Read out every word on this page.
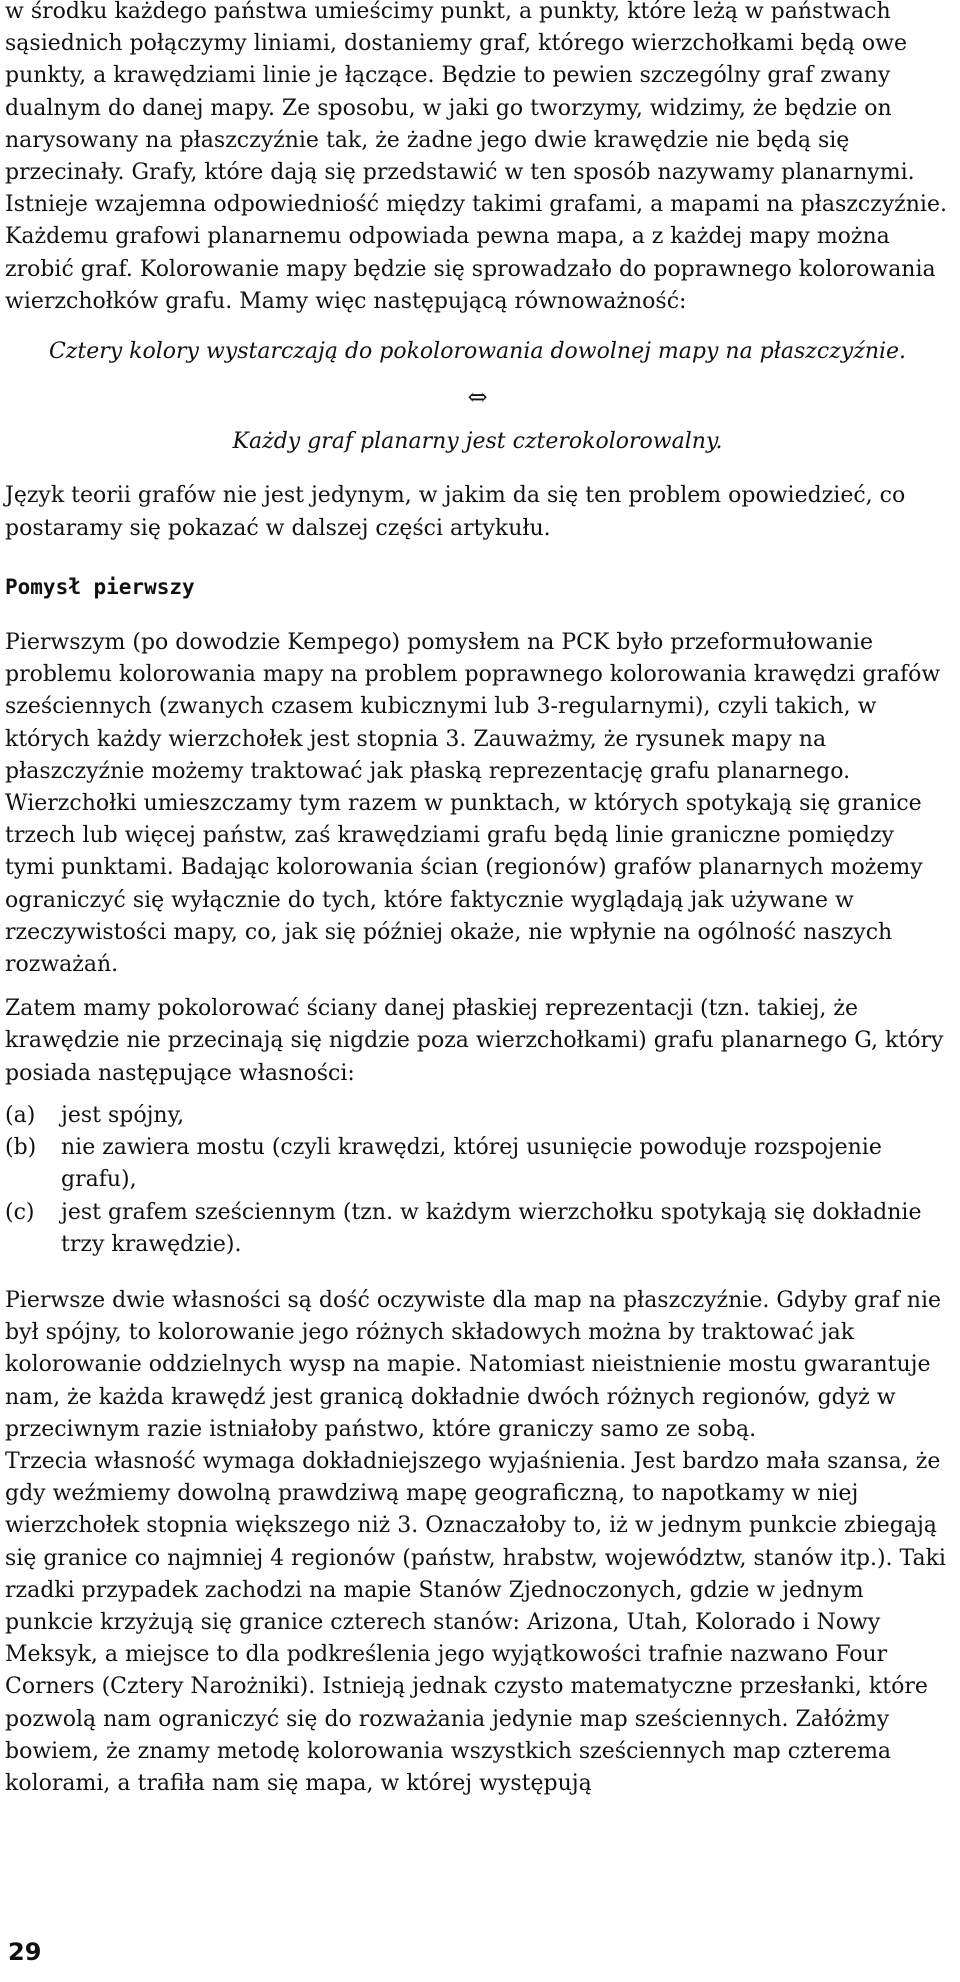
w środku każdego państwa umieścimy punkt, a punkty, które leżą w państwach sąsiednich połączymy liniami, dostaniemy graf, którego wierzchołkami będą owe punkty, a krawędziami linie je łączące. Będzie to pewien szczególny graf zwany dualnym do danej mapy. Ze sposobu, w jaki go tworzymy, widzimy, że będzie on narysowany na płaszczyźnie tak, że żadne jego dwie krawędzie nie będą się przecinały. Grafy, które dają się przedstawić w ten sposób nazywamy planarnymi. Istnieje wzajemna odpowiedniość między takimi grafami, a mapami na płaszczyźnie. Każdemu grafowi planarnemu odpowiada pewna mapa, a z każdej mapy można zrobić graf. Kolorowanie mapy będzie się sprowadzało do poprawnego kolorowania wierzchołków grafu. Mamy więc następującą równoważność:

Cztery kolory wystarczają do pokolorowania dowolnej mapy na płaszczyźnie.

⇔

Każdy graf planarny jest czterokolorowalny.

Język teorii grafów nie jest jedynym, w jakim da się ten problem opowiedzieć, co postaramy się pokazać w dalszej części artykułu.

Pomysł pierwszy

Pierwszym (po dowodzie Kempego) pomysłem na PCK było przeformułowanie problemu kolorowania mapy na problem poprawnego kolorowania krawędzi grafów sześciennych (zwanych czasem kubicznymi lub 3-regularnymi), czyli takich, w których każdy wierzchołek jest stopnia 3. Zauważmy, że rysunek mapy na płaszczyźnie możemy traktować jak płaską reprezentację grafu planarnego. Wierzchołki umieszczamy tym razem w punktach, w których spotykają się granice trzech lub więcej państw, zaś krawędziami grafu będą linie graniczne pomiędzy tymi punktami. Badając kolorowania ścian (regionów) grafów planarnych możemy ograniczyć się wyłącznie do tych, które faktycznie wyglądają jak używane w rzeczywistości mapy, co, jak się później okaże, nie wpłynie na ogólność naszych rozważań.

Zatem mamy pokolorować ściany danej płaskiej reprezentacji (tzn. takiej, że krawędzie nie przecinają się nigdzie poza wierzchołkami) grafu planarnego G, który posiada następujące własności:

(a)	jest spójny,
(b)	nie zawiera mostu (czyli krawędzi, której usunięcie powoduje rozspojenie grafu),
(c)	jest grafem sześciennym (tzn. w każdym wierzchołku spotykają się dokładnie trzy krawędzie).

Pierwsze dwie własności są dość oczywiste dla map na płaszczyźnie. Gdyby graf nie był spójny, to kolorowanie jego różnych składowych można by traktować jak kolorowanie oddzielnych wysp na mapie. Natomiast nieistnienie mostu gwarantuje nam, że każda krawędź jest granicą dokładnie dwóch różnych regionów, gdyż w przeciwnym razie istniałoby państwo, które graniczy samo ze sobą.

Trzecia własność wymaga dokładniejszego wyjaśnienia. Jest bardzo mała szansa, że gdy weźmiemy dowolną prawdziwą mapę geograficzną, to napotkamy w niej wierzchołek stopnia większego niż 3. Oznaczałoby to, iż w jednym punkcie zbiegają się granice co najmniej 4 regionów (państw, hrabstw, województw, stanów itp.). Taki rzadki przypadek zachodzi na mapie Stanów Zjednoczonych, gdzie w jednym punkcie krzyżują się granice czterech stanów: Arizona, Utah, Kolorado i Nowy Meksyk, a miejsce to dla podkreślenia jego wyjątkowości trafnie nazwano Four Corners (Cztery Narożniki). Istnieją jednak czysto matematyczne przesłanki, które pozwolą nam ograniczyć się do rozważania jedynie map sześciennych. Załóżmy bowiem, że znamy metodę kolorowania wszystkich sześciennych map czterema kolorami, a trafiła nam się mapa, w której występują

29
